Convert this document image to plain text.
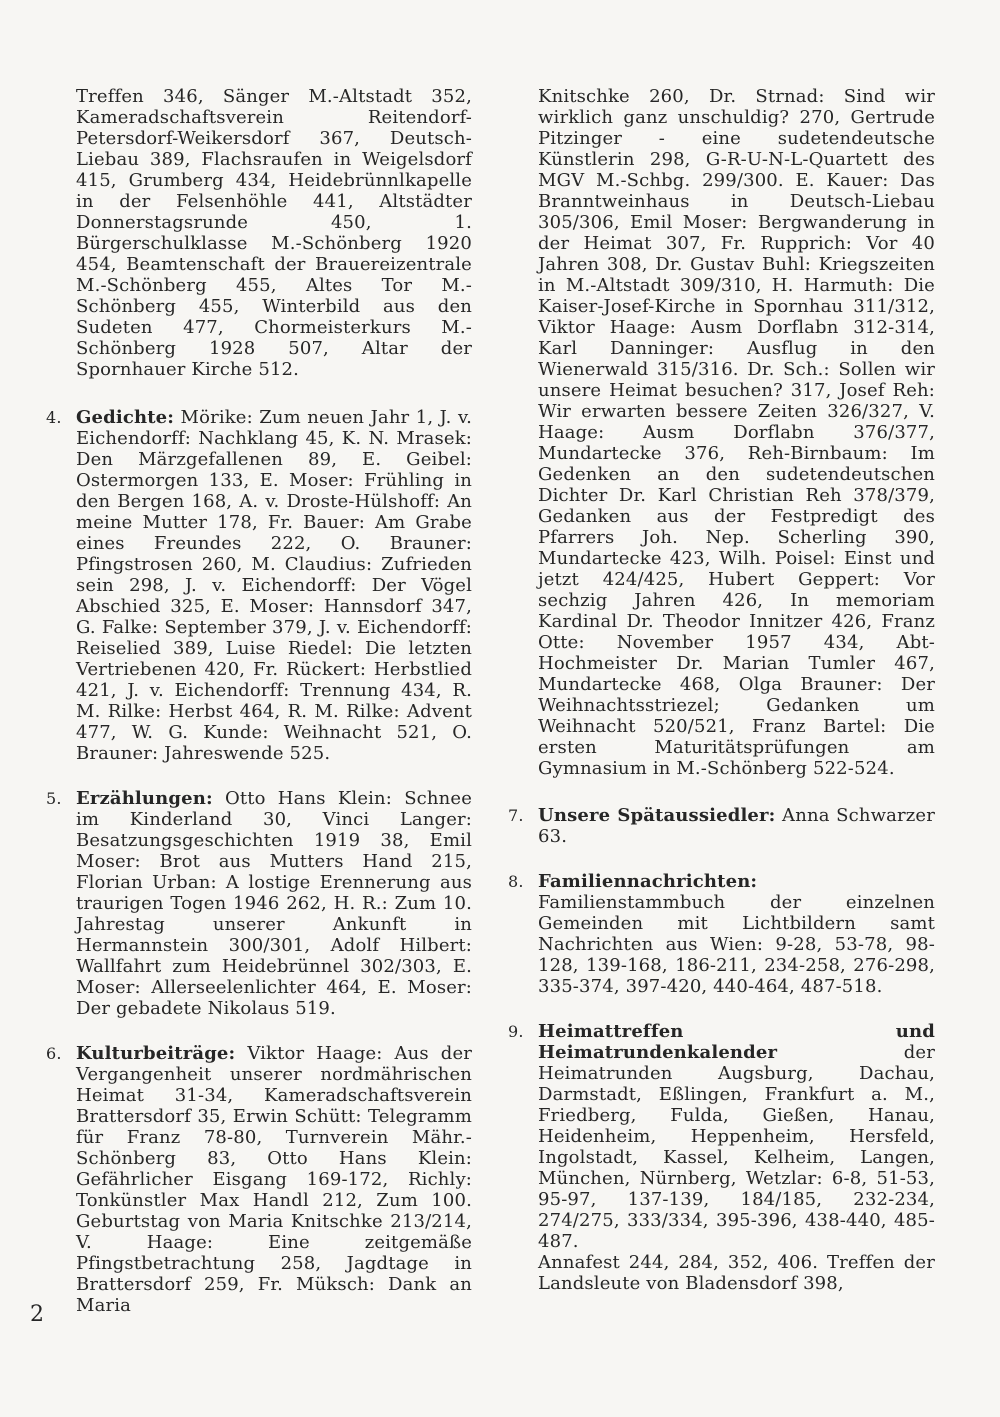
Treffen 346, Sänger M.-Altstadt 352, Kameradschaftsverein Reitendorf-Petersdorf-Weikersdorf 367, Deutsch-Liebau 389, Flachsraufen in Weigelsdorf 415, Grumberg 434, Heidebrünnlkapelle in der Felsenhöhle 441, Altstädter Donnerstagsrunde 450, 1. Bürgerschulklasse M.-Schönberg 1920 454, Beamtenschaft der Brauereizentrale M.-Schönberg 455, Altes Tor M.-Schönberg 455, Winterbild aus den Sudeten 477, Chormeisterkurs M.-Schönberg 1928 507, Altar der Spornhauer Kirche 512.

4. Gedichte: Mörike: Zum neuen Jahr 1, J. v. Eichendorff: Nachklang 45, K. N. Mrasek: Den Märzgefallenen 89, E. Geibel: Ostermorgen 133, E. Moser: Frühling in den Bergen 168, A. v. Droste-Hülshoff: An meine Mutter 178, Fr. Bauer: Am Grabe eines Freundes 222, O. Brauner: Pfingstrosen 260, M. Claudius: Zufrieden sein 298, J. v. Eichendorff: Der Vögel Abschied 325, E. Moser: Hannsdorf 347, G. Falke: September 379, J. v. Eichendorff: Reiselied 389, Luise Riedel: Die letzten Vertriebenen 420, Fr. Rückert: Herbstlied 421, J. v. Eichendorff: Trennung 434, R. M. Rilke: Herbst 464, R. M. Rilke: Advent 477, W. G. Kunde: Weihnacht 521, O. Brauner: Jahreswende 525.
5. Erzählungen: Otto Hans Klein: Schnee im Kinderland 30, Vinci Langer: Besatzungsgeschichten 1919 38, Emil Moser: Brot aus Mutters Hand 215, Florian Urban: A lostige Erennerung aus traurigen Togen 1946 262, H. R.: Zum 10. Jahrestag unserer Ankunft in Hermannstein 300/301, Adolf Hilbert: Wallfahrt zum Heidebrünnel 302/303, E. Moser: Allerseelenlichter 464, E. Moser: Der gebadete Nikolaus 519.
6. Kulturbeiträge: Viktor Haage: Aus der Vergangenheit unserer nordmährischen Heimat 31-34, Kameradschaftsverein Brattersdorf 35, Erwin Schütt: Telegramm für Franz 78-80, Turnverein Mähr.-Schönberg 83, Otto Hans Klein: Gefährlicher Eisgang 169-172, Richly: Tonkünstler Max Handl 212, Zum 100. Geburtstag von Maria Knitschke 213/214, V. Haage: Eine zeitgemäße Pfingstbetrachtung 258, Jagdtage in Brattersdorf 259, Fr. Müksch: Dank an Maria

Knitschke 260, Dr. Strnad: Sind wir wirklich ganz unschuldig? 270, Gertrude Pitzinger - eine sudetendeutsche Künstlerin 298, G-R-U-N-L-Quartett des MGV M.-Schbg. 299/300. E. Kauer: Das Branntweinhaus in Deutsch-Liebau 305/306, Emil Moser: Bergwanderung in der Heimat 307, Fr. Rupprich: Vor 40 Jahren 308, Dr. Gustav Buhl: Kriegszeiten in M.-Altstadt 309/310, H. Harmuth: Die Kaiser-Josef-Kirche in Spornhau 311/312, Viktor Haage: Ausm Dorflabn 312-314, Karl Danninger: Ausflug in den Wienerwald 315/316. Dr. Sch.: Sollen wir unsere Heimat besuchen? 317, Josef Reh: Wir erwarten bessere Zeiten 326/327, V. Haage: Ausm Dorflabn 376/377, Mundartecke 376, Reh-Birnbaum: Im Gedenken an den sudetendeutschen Dichter Dr. Karl Christian Reh 378/379, Gedanken aus der Festpredigt des Pfarrers Joh. Nep. Scherling 390, Mundartecke 423, Wilh. Poisel: Einst und jetzt 424/425, Hubert Geppert: Vor sechzig Jahren 426, In memoriam Kardinal Dr. Theodor Innitzer 426, Franz Otte: November 1957 434, Abt-Hochmeister Dr. Marian Tumler 467, Mundartecke 468, Olga Brauner: Der Weihnachtsstriezel; Gedanken um Weihnacht 520/521, Franz Bartel: Die ersten Maturitätsprüfungen am Gymnasium in M.-Schönberg 522-524.

7. Unsere Spätaussiedler: Anna Schwarzer 63.
8. Familiennachrichten: Familienstammbuch der einzelnen Gemeinden mit Lichtbildern samt Nachrichten aus Wien: 9-28, 53-78, 98-128, 139-168, 186-211, 234-258, 276-298, 335-374, 397-420, 440-464, 487-518.
9. Heimattreffen und Heimatrundenkalender der Heimatrunden Augsburg, Dachau, Darmstadt, Eßlingen, Frankfurt a. M., Friedberg, Fulda, Gießen, Hanau, Heidenheim, Heppenheim, Hersfeld, Ingolstadt, Kassel, Kelheim, Langen, München, Nürnberg, Wetzlar: 6-8, 51-53, 95-97, 137-139, 184/185, 232-234, 274/275, 333/334, 395-396, 438-440, 485-487.

Annafest 244, 284, 352, 406. Treffen der Landsleute von Bladensdorf 398,

2
